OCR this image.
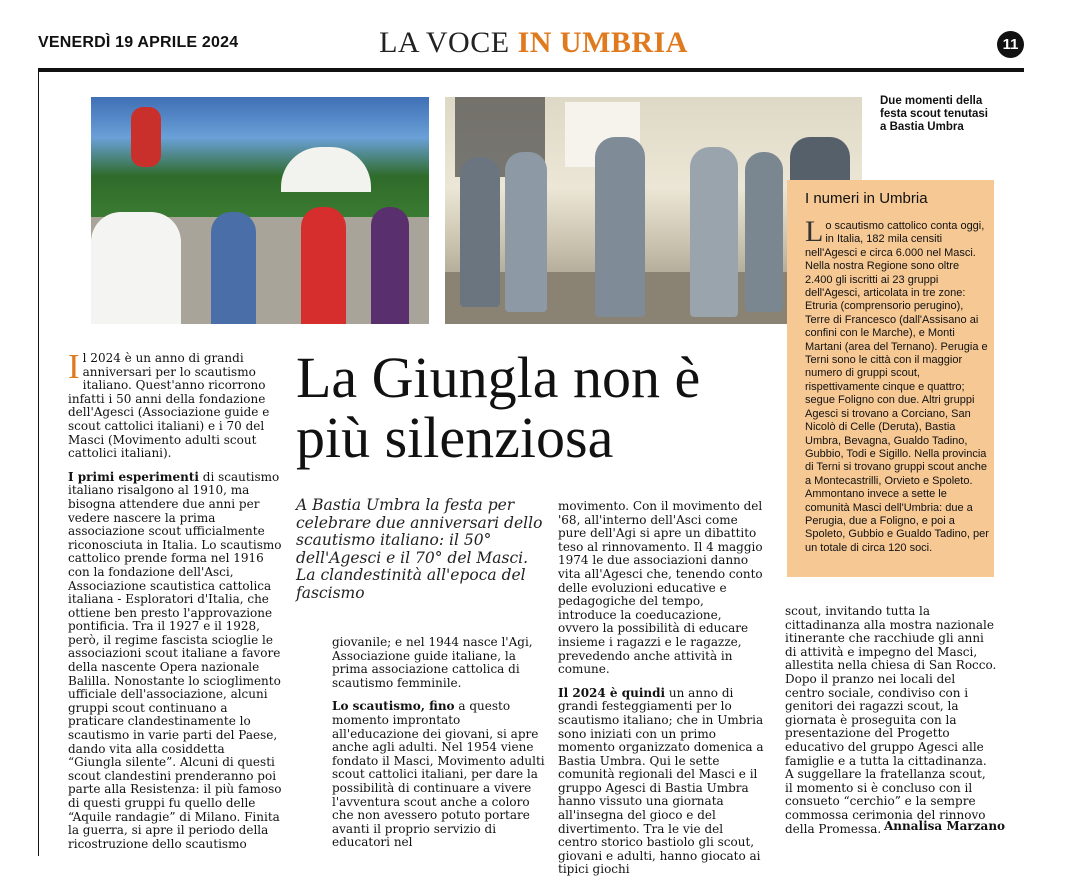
VENERDÌ 19 APRILE 2024	LA VOCE IN UMBRIA	11
Due momenti della festa scout tenutasi a Bastia Umbra
I numeri in Umbria
Lo scautismo cattolico conta oggi, in Italia, 182 mila censiti nell'Agesci e circa 6.000 nel Masci. Nella nostra Regione sono oltre 2.400 gli iscritti ai 23 gruppi dell'Agesci, articolata in tre zone: Etruria (comprensorio perugino), Terre di Francesco (dall'Assisano ai confini con le Marche), e Monti Martani (area del Ternano). Perugia e Terni sono le città con il maggior numero di gruppi scout, rispettivamente cinque e quattro; segue Foligno con due. Altri gruppi Agesci si trovano a Corciano, San Nicolò di Celle (Deruta), Bastia Umbra, Bevagna, Gualdo Tadino, Gubbio, Todi e Sigillo. Nella provincia di Terni si trovano gruppi scout anche a Montecastrilli, Orvieto e Spoleto. Ammontano invece a sette le comunità Masci dell'Umbria: due a Perugia, due a Foligno, e poi a Spoleto, Gubbio e Gualdo Tadino, per un totale di circa 120 soci.

Il 2024 è un anno di grandi anniversari per lo scautismo italiano. Quest'anno ricorrono infatti i 50 anni della fondazione dell'Agesci (Associazione guide e scout cattolici italiani) e i 70 del Masci (Movimento adulti scout cattolici italiani).

I primi esperimenti di scautismo italiano risalgono al 1910, ma bisogna attendere due anni per vedere nascere la prima associazione scout ufficialmente riconosciuta in Italia. Lo scautismo cattolico prende forma nel 1916 con la fondazione dell'Asci, Associazione scautistica cattolica italiana - Esploratori d'Italia, che ottiene ben presto l'approvazione pontificia. Tra il 1927 e il 1928, però, il regime fascista scioglie le associazioni scout italiane a favore della nascente Opera nazionale Balilla. Nonostante lo scioglimento ufficiale dell'associazione, alcuni gruppi scout continuano a praticare clandestinamente lo scautismo in varie parti del Paese, dando vita alla cosiddetta “Giungla silente”. Alcuni di questi scout clandestini prenderanno poi parte alla Resistenza: il più famoso di questi gruppi fu quello delle “Aquile randagie” di Milano. Finita la guerra, si apre il periodo della ricostruzione dello scautismo

La Giungla non è più silenziosa
A Bastia Umbra la festa per celebrare due anniversari dello scautismo italiano: il 50° dell'Agesci e il 70° del Masci. La clandestinità all'epoca del fascismo

giovanile; e nel 1944 nasce l'Agi, Associazione guide italiane, la prima associazione cattolica di scautismo femminile.

Lo scautismo, fino a questo momento improntato all'educazione dei giovani, si apre anche agli adulti. Nel 1954 viene fondato il Masci, Movimento adulti scout cattolici italiani, per dare la possibilità di continuare a vivere l'avventura scout anche a coloro che non avessero potuto portare avanti il proprio servizio di educatori nel

movimento. Con il movimento del '68, all'interno dell'Asci come pure dell'Agi si apre un dibattito teso al rinnovamento. Il 4 maggio 1974 le due associazioni danno vita all'Agesci che, tenendo conto delle evoluzioni educative e pedagogiche del tempo, introduce la coeducazione, ovvero la possibilità di educare insieme i ragazzi e le ragazze, prevedendo anche attività in comune.

Il 2024 è quindi un anno di grandi festeggiamenti per lo scautismo italiano; che in Umbria sono iniziati con un primo momento organizzato domenica a Bastia Umbra. Qui le sette comunità regionali del Masci e il gruppo Agesci di Bastia Umbra hanno vissuto una giornata all'insegna del gioco e del divertimento. Tra le vie del centro storico bastiolo gli scout, giovani e adulti, hanno giocato ai tipici giochi

scout, invitando tutta la cittadinanza alla mostra nazionale itinerante che racchiude gli anni di attività e impegno del Masci, allestita nella chiesa di San Rocco. Dopo il pranzo nei locali del centro sociale, condiviso con i genitori dei ragazzi scout, la giornata è proseguita con la presentazione del Progetto educativo del gruppo Agesci alle famiglie e a tutta la cittadinanza. A suggellare la fratellanza scout, il momento si è concluso con il consueto “cerchio” e la sempre commossa cerimonia del rinnovo della Promessa. Annalisa Marzano
